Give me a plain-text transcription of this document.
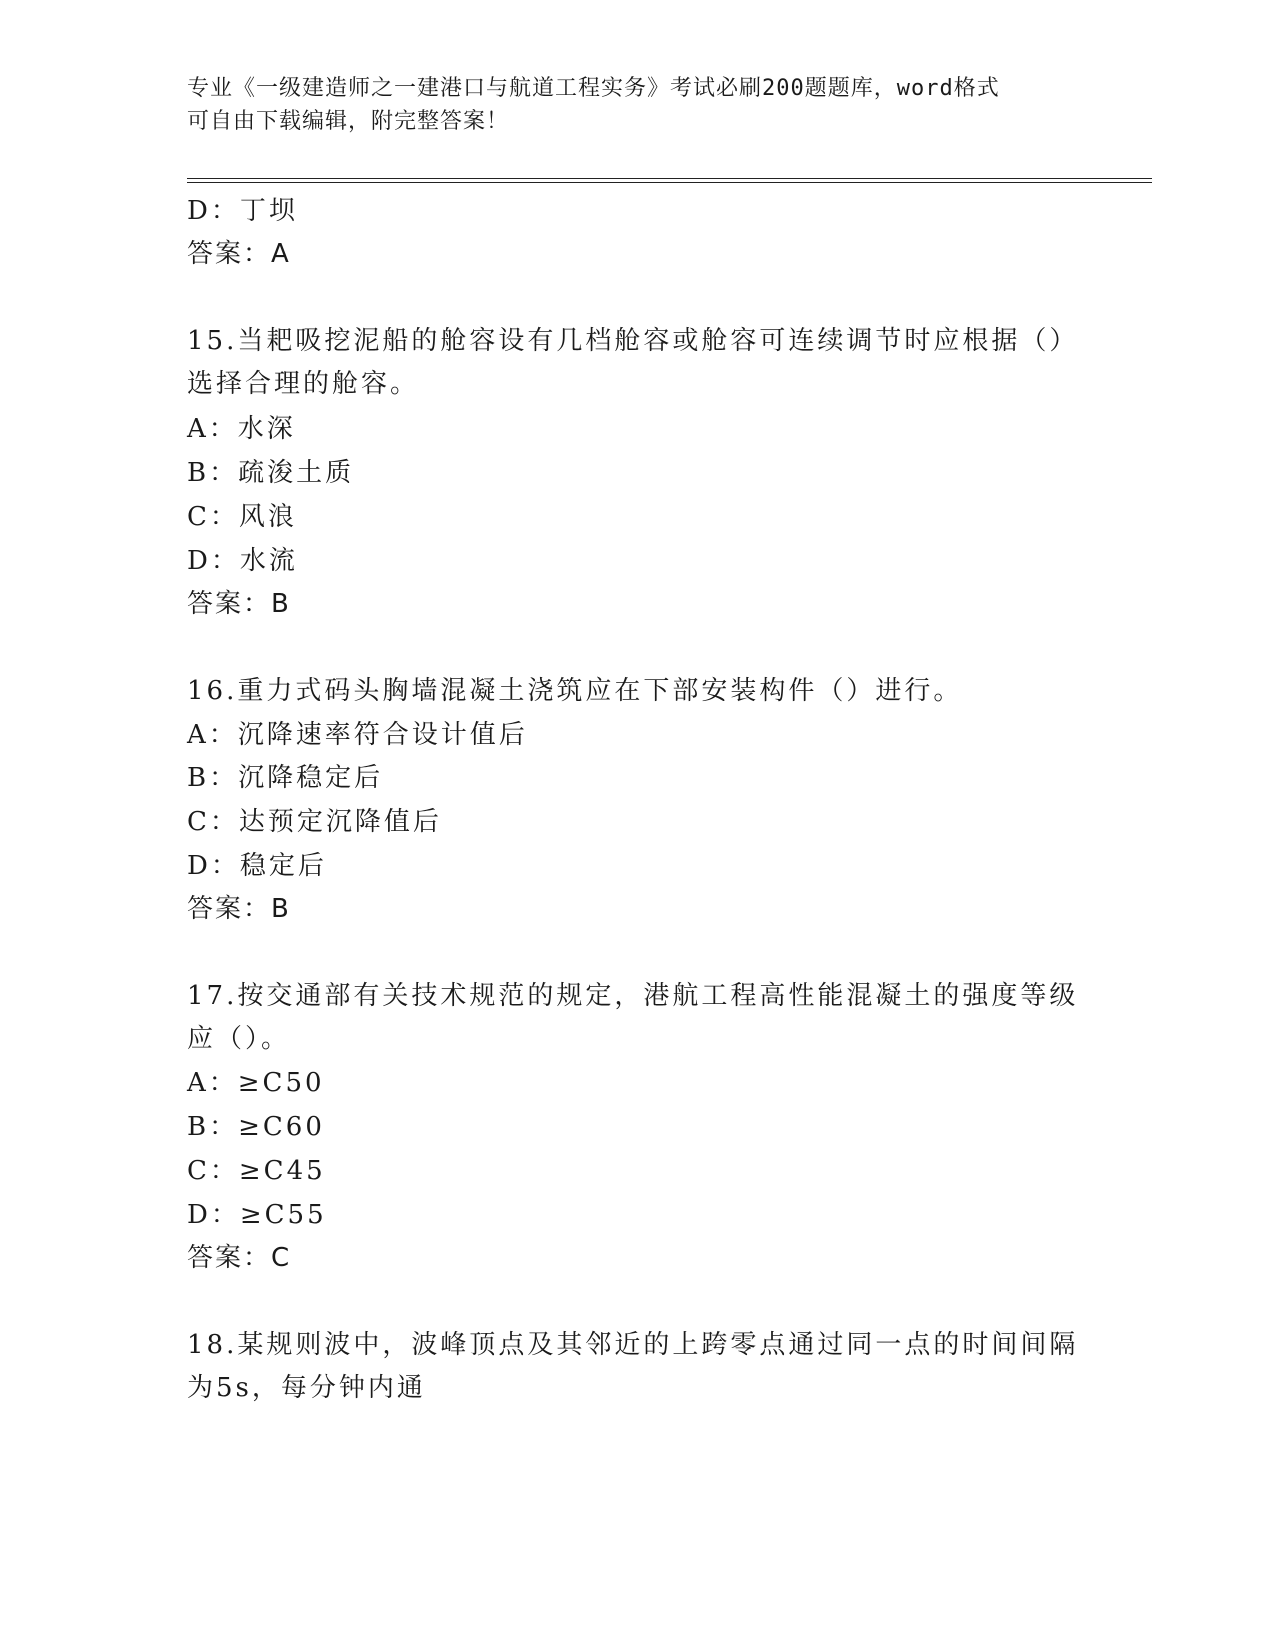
专业《一级建造师之一建港口与航道工程实务》考试必刷200题题库，word格式
可自由下载编辑，附完整答案！
D：丁坝
答案：A
15.当耙吸挖泥船的舱容设有几档舱容或舱容可连续调节时应根据（）
选择合理的舱容。
A：水深
B：疏浚土质
C：风浪
D：水流
答案：B
16.重力式码头胸墙混凝土浇筑应在下部安装构件（）进行。
A：沉降速率符合设计值后
B：沉降稳定后
C：达预定沉降值后
D：稳定后
答案：B
17.按交通部有关技术规范的规定，港航工程高性能混凝土的强度等级
应（）。
A：≥C50
B：≥C60
C：≥C45
D：≥C55
答案：C
18.某规则波中，波峰顶点及其邻近的上跨零点通过同一点的时间间隔
为5s，每分钟内通
